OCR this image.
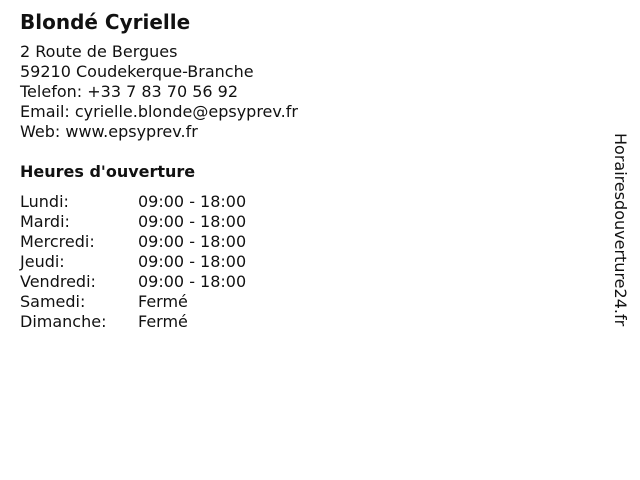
Blondé Cyrielle
2 Route de Bergues
59210 Coudekerque-Branche
Telefon: +33 7 83 70 56 92
Email: cyrielle.blonde@epsyprev.fr
Web: www.epsyprev.fr
Heures d'ouverture
Lundi:	09:00 - 18:00
Mardi:	09:00 - 18:00
Mercredi:	09:00 - 18:00
Jeudi:	09:00 - 18:00
Vendredi:	09:00 - 18:00
Samedi:	Fermé
Dimanche:	Fermé	Horairesdouverture24.fr
